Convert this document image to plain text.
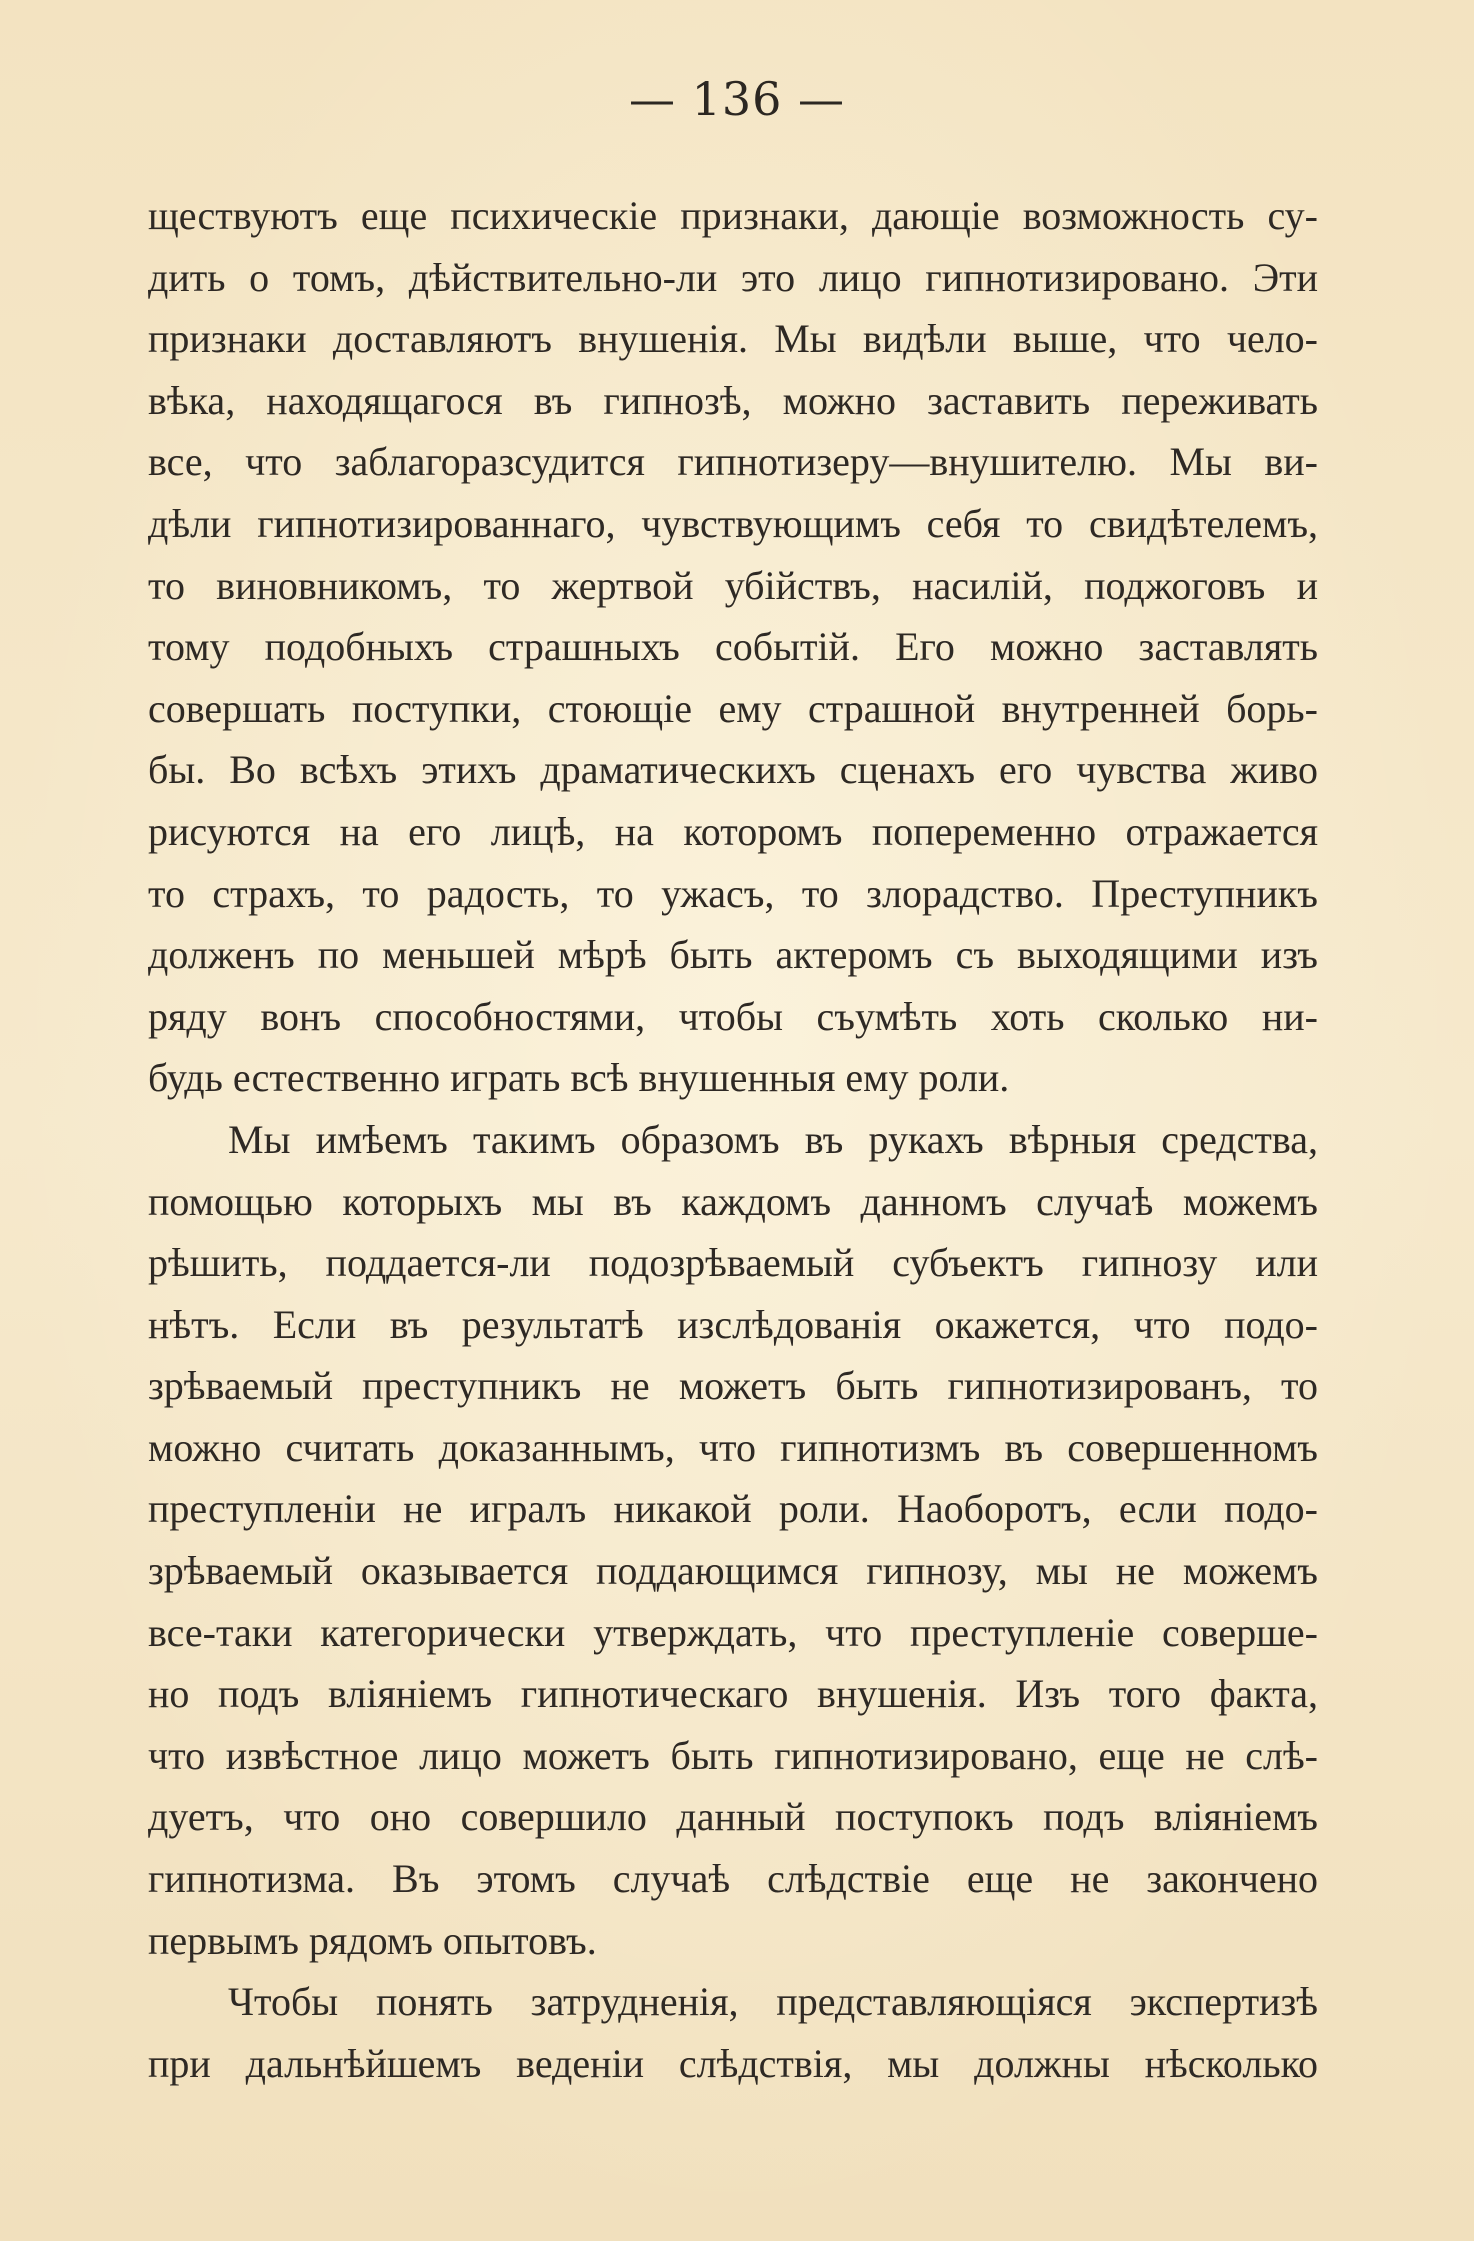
— 136 —
ществуютъ еще психическіе признаки, дающіе возможность су-
дить о томъ, дѣйствительно-ли это лицо гипнотизировано. Эти
признаки доставляютъ внушенія. Мы видѣли выше, что чело-
вѣка, находящагося въ гипнозѣ, можно заставить переживать
все, что заблагоразсудится гипнотизеру—внушителю. Мы ви-
дѣли гипнотизированнаго, чувствующимъ себя то свидѣтелемъ,
то виновникомъ, то жертвой убійствъ, насилій, поджоговъ и
тому подобныхъ страшныхъ событій. Его можно заставлять
совершать поступки, стоющіе ему страшной внутренней борь-
бы. Во всѣхъ этихъ драматическихъ сценахъ его чувства живо
рисуются на его лицѣ, на которомъ попеременно отражается
то страхъ, то радость, то ужасъ, то злорадство. Преступникъ
долженъ по меньшей мѣрѣ быть актеромъ съ выходящими изъ
ряду вонъ способностями, чтобы съумѣть хоть сколько ни-
будь естественно играть всѣ внушенныя ему роли.
Мы имѣемъ такимъ образомъ въ рукахъ вѣрныя средства,
помощью которыхъ мы въ каждомъ данномъ случаѣ можемъ
рѣшить, поддается-ли подозрѣваемый субъектъ гипнозу или
нѣтъ. Если въ результатѣ изслѣдованія окажется, что подо-
зрѣваемый преступникъ не можетъ быть гипнотизированъ, то
можно считать доказаннымъ, что гипнотизмъ въ совершенномъ
преступленіи не игралъ никакой роли. Наоборотъ, если подо-
зрѣваемый оказывается поддающимся гипнозу, мы не можемъ
все-таки категорически утверждать, что преступленіе соверше-
но подъ вліяніемъ гипнотическаго внушенія. Изъ того факта,
что извѣстное лицо можетъ быть гипнотизировано, еще не слѣ-
дуетъ, что оно совершило данный поступокъ подъ вліяніемъ
гипнотизма. Въ этомъ случаѣ слѣдствіе еще не закончено
первымъ рядомъ опытовъ.
Чтобы понять затрудненія, представляющіяся экспертизѣ
при дальнѣйшемъ веденіи слѣдствія, мы должны нѣсколько
